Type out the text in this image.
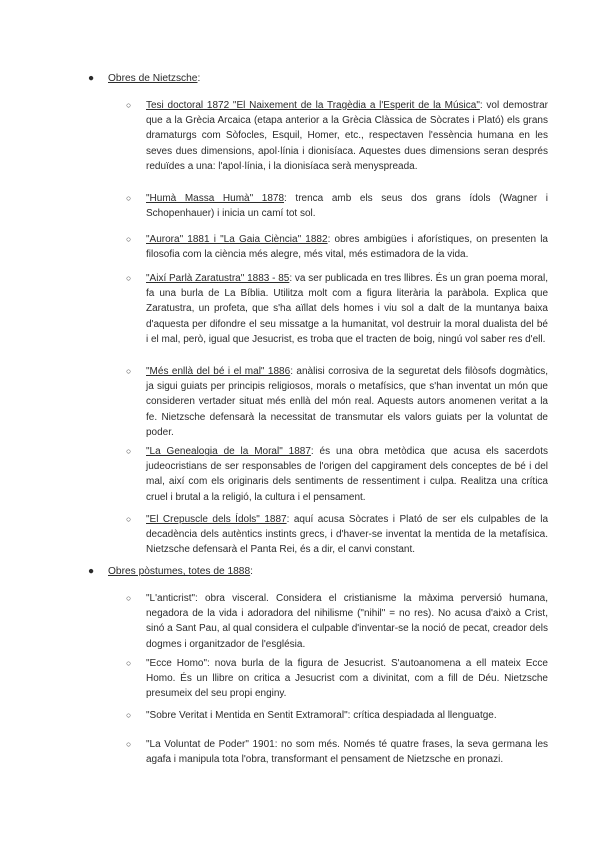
●	Obres de Nietzsche:
○ Tesi doctoral 1872 "El Naixement de la Tragèdia a l'Esperit de la Música": vol demostrar que a la Grècia Arcaica (etapa anterior a la Grècia Clàssica de Sòcrates i Plató) els grans dramaturgs com Sòfocles, Esquil, Homer, etc., respectaven l'essència humana en les seves dues dimensions, apol·línia i dionisíaca. Aquestes dues dimensions seran després reduïdes a una: l'apol·línia, i la dionisíaca serà menyspreada.
○ "Humà Massa Humà" 1878: trenca amb els seus dos grans ídols (Wagner i Schopenhauer) i inicia un camí tot sol.
○ "Aurora" 1881 i "La Gaia Ciència" 1882: obres ambigües i aforístiques, on presenten la filosofia com la ciència més alegre, més vital, més estimadora de la vida.
○ "Així Parlà Zaratustra" 1883 - 85: va ser publicada en tres llibres. És un gran poema moral, fa una burla de La Bíblia. Utilitza molt com a figura literària la paràbola. Explica que Zaratustra, un profeta, que s'ha aïllat dels homes i viu sol a dalt de la muntanya baixa d'aquesta per difondre el seu missatge a la humanitat, vol destruir la moral dualista del bé i el mal, però, igual que Jesucrist, es troba que el tracten de boig, ningú vol saber res d'ell.
○ "Més enllà del bé i el mal" 1886: anàlisi corrosiva de la seguretat dels filòsofs dogmàtics, ja sigui guiats per principis religiosos, morals o metafísics, que s'han inventat un món que consideren vertader situat més enllà del món real. Aquests autors anomenen veritat a la fe. Nietzsche defensarà la necessitat de transmutar els valors guiats per la voluntat de poder.
○ "La Genealogia de la Moral" 1887: és una obra metòdica que acusa els sacerdots judeocristians de ser responsables de l'origen del capgirament dels conceptes de bé i del mal, així com els originaris dels sentiments de ressentiment i culpa. Realitza una crítica cruel i brutal a la religió, la cultura i el pensament.
○ "El Crepuscle dels Ídols" 1887: aquí acusa Sòcrates i Plató de ser els culpables de la decadència dels autèntics instints grecs, i d'haver-se inventat la mentida de la metafísica. Nietzsche defensarà el Panta Rei, és a dir, el canvi constant.
●	Obres pòstumes, totes de 1888:
○ "L'anticrist": obra visceral. Considera el cristianisme la màxima perversió humana, negadora de la vida i adoradora del nihilisme ("nihil" = no res). No acusa d'això a Crist, sinó a Sant Pau, al qual considera el culpable d'inventar-se la noció de pecat, creador dels dogmes i organitzador de l'església.
○ "Ecce Homo": nova burla de la figura de Jesucrist. S'autoanomena a ell mateix Ecce Homo. És un llibre on critica a Jesucrist com a divinitat, com a fill de Déu. Nietzsche presumeix del seu propi enginy.
○ "Sobre Veritat i Mentida en Sentit Extramoral": crítica despiadada al llenguatge.
○ "La Voluntat de Poder" 1901: no som més. Només té quatre frases, la seva germana les agafa i manipula tota l'obra, transformant el pensament de Nietzsche en pronazi.
